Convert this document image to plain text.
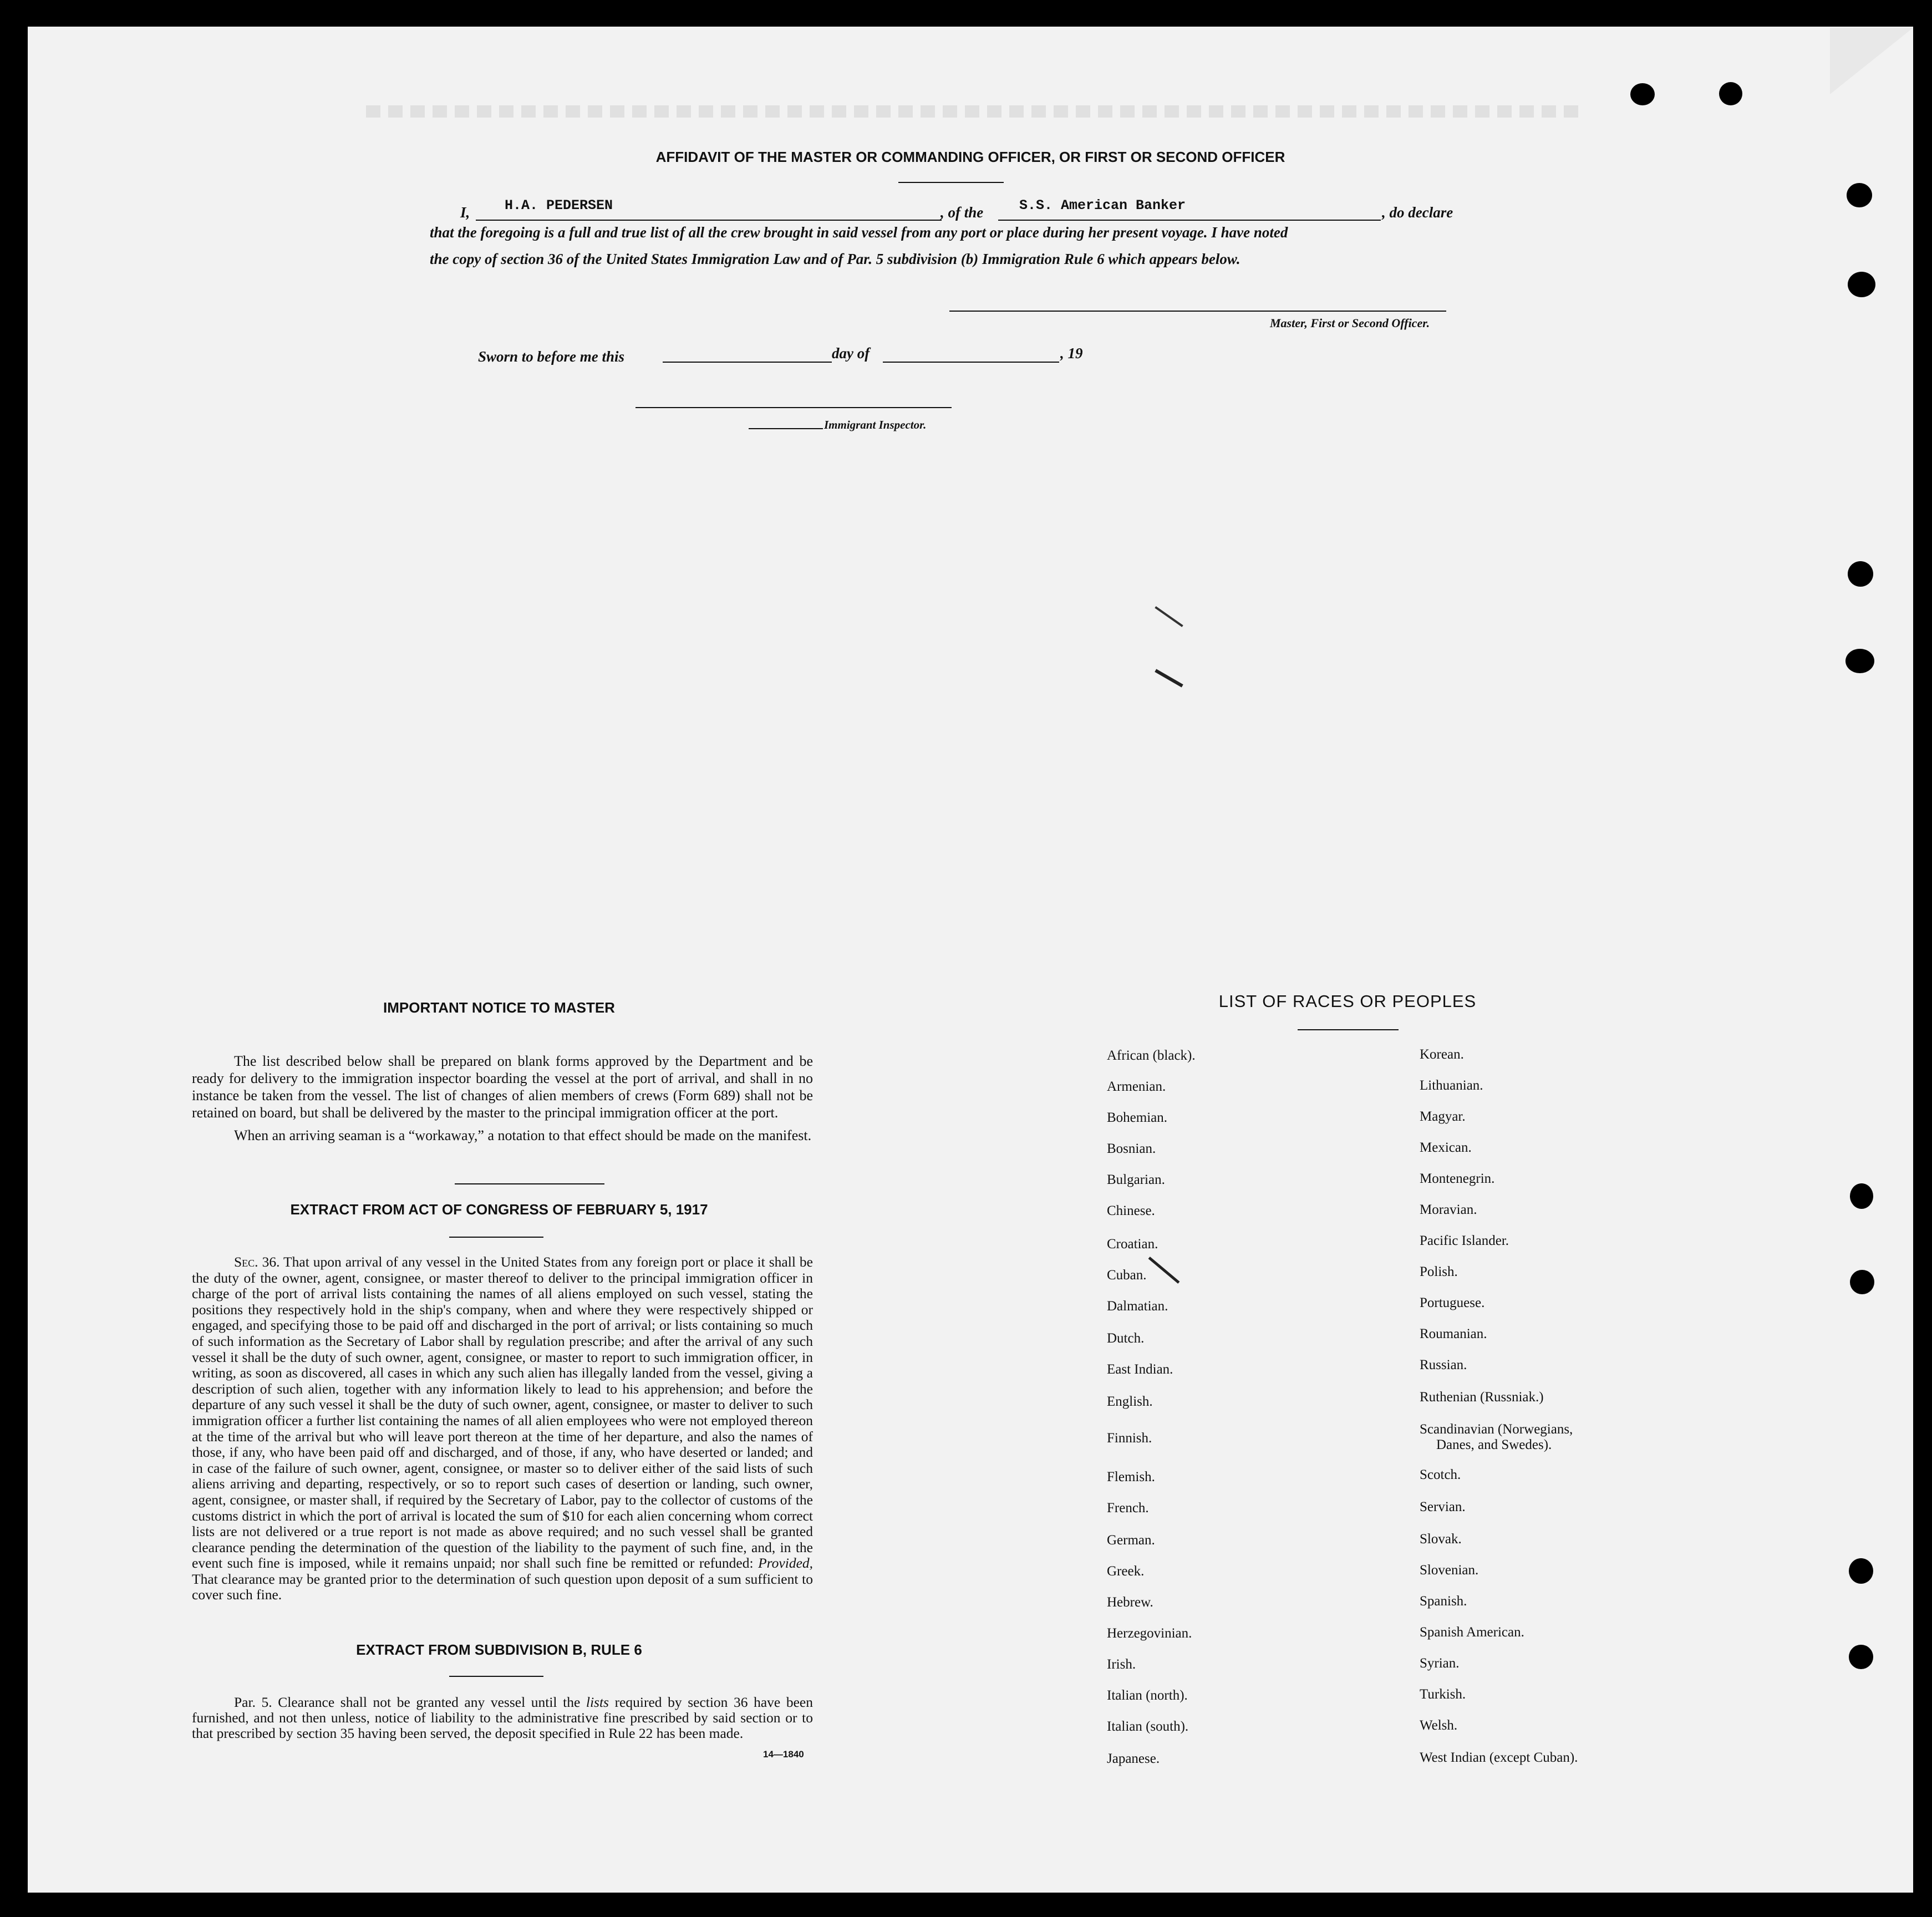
AFFIDAVIT OF THE MASTER OR COMMANDING OFFICER, OR FIRST OR SECOND OFFICER
I,	H.A. PEDERSEN	, of the	S.S. American Banker	, do declare
that the foregoing is a full and true list of all the crew brought in said vessel from any port or place during her present voyage. I have noted
the copy of section 36 of the United States Immigration Law and of Par. 5 subdivision (b) Immigration Rule 6 which appears below.
Master, First or Second Officer.
Sworn to before me this	day of	, 19
Immigrant Inspector.
IMPORTANT NOTICE TO MASTER

The list described below shall be prepared on blank forms approved by the Department and be ready for delivery to the immigration inspector boarding the vessel at the port of arrival, and shall in no instance be taken from the vessel. The list of changes of alien members of crews (Form 689) shall not be retained on board, but shall be delivered by the master to the principal immigration officer at the port.

When an arriving seaman is a “workaway,” a notation to that effect should be made on the manifest.

EXTRACT FROM ACT OF CONGRESS OF FEBRUARY 5, 1917

Sec. 36. That upon arrival of any vessel in the United States from any foreign port or place it shall be the duty of the owner, agent, consignee, or master thereof to deliver to the principal immigration officer in charge of the port of arrival lists containing the names of all aliens employed on such vessel, stating the positions they respectively hold in the ship's company, when and where they were respectively shipped or engaged, and specifying those to be paid off and discharged in the port of arrival; or lists containing so much of such information as the Secretary of Labor shall by regulation prescribe; and after the arrival of any such vessel it shall be the duty of such owner, agent, consignee, or master to report to such immigration officer, in writing, as soon as discovered, all cases in which any such alien has illegally landed from the vessel, giving a description of such alien, together with any information likely to lead to his apprehension; and before the departure of any such vessel it shall be the duty of such owner, agent, consignee, or master to deliver to such immigration officer a further list containing the names of all alien employees who were not employed thereon at the time of the arrival but who will leave port thereon at the time of her departure, and also the names of those, if any, who have been paid off and discharged, and of those, if any, who have deserted or landed; and in case of the failure of such owner, agent, consignee, or master so to deliver either of the said lists of such aliens arriving and departing, respectively, or so to report such cases of desertion or landing, such owner, agent, consignee, or master shall, if required by the Secretary of Labor, pay to the collector of customs of the customs district in which the port of arrival is located the sum of $10 for each alien concerning whom correct lists are not delivered or a true report is not made as above required; and no such vessel shall be granted clearance pending the determination of the question of the liability to the payment of such fine, and, in the event such fine is imposed, while it remains unpaid; nor shall such fine be remitted or refunded: Provided, That clearance may be granted prior to the determination of such question upon deposit of a sum sufficient to cover such fine.

EXTRACT FROM SUBDIVISION B, RULE 6

Par. 5. Clearance shall not be granted any vessel until the lists required by section 36 have been furnished, and not then unless, notice of liability to the administrative fine prescribed by said section or to that prescribed by section 35 having been served, the deposit specified in Rule 22 has been made.

14—1840
LIST OF RACES OR PEOPLES
African (black).
Armenian.
Bohemian.
Bosnian.
Bulgarian.
Chinese.
Croatian.
Cuban.
Dalmatian.
Dutch.
East Indian.
English.
Finnish.
Flemish.
French.
German.
Greek.
Hebrew.
Herzegovinian.
Irish.
Italian (north).
Italian (south).
Japanese.
Korean.
Lithuanian.
Magyar.
Mexican.
Montenegrin.
Moravian.
Pacific Islander.
Polish.
Portuguese.
Roumanian.
Russian.
Ruthenian (Russniak.)
Scandinavian (Norwegians,
Danes, and Swedes).
Scotch.
Servian.
Slovak.
Slovenian.
Spanish.
Spanish American.
Syrian.
Turkish.
Welsh.
West Indian (except Cuban).
